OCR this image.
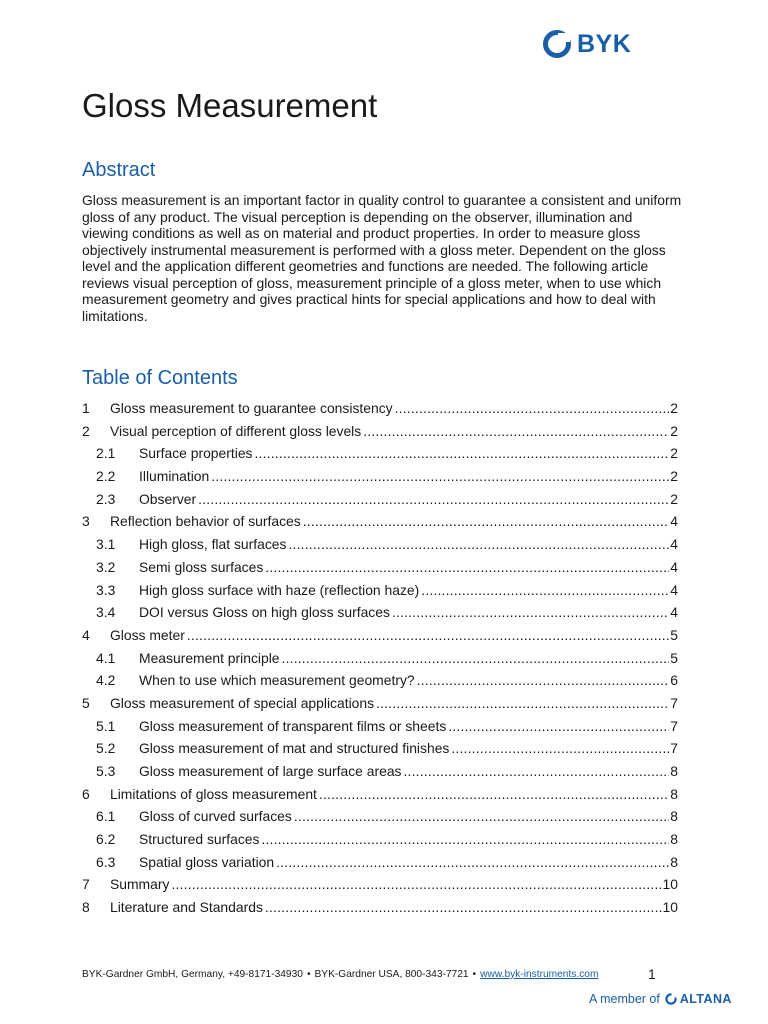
BYK
Gloss Measurement
Abstract
Gloss measurement is an important factor in quality control to guarantee a consistent and uniform gloss of any product. The visual perception is depending on the observer, illumination and viewing conditions as well as on material and product properties. In order to measure gloss objectively instrumental measurement is performed with a gloss meter. Dependent on the gloss level and the application different geometries and functions are needed. The following article reviews visual perception of gloss, measurement principle of a gloss meter, when to use which measurement geometry and gives practical hints for special applications and how to deal with limitations.
Table of Contents
1	Gloss measurement to guarantee consistency .....	2
2	Visual perception of different gloss levels .....	2
2.1	Surface properties .....	2
2.2	Illumination .....	2
2.3	Observer .....	2
3	Reflection behavior of surfaces .....	4
3.1	High gloss, flat surfaces .....	4
3.2	Semi gloss surfaces .....	4
3.3	High gloss surface with haze (reflection haze) .....	4
3.4	DOI versus Gloss on high gloss surfaces .....	4
4	Gloss meter .....	5
4.1	Measurement principle .....	5
4.2	When to use which measurement geometry? .....	6
5	Gloss measurement of special applications .....	7
5.1	Gloss measurement of transparent films or sheets .....	7
5.2	Gloss measurement of mat and structured finishes .....	7
5.3	Gloss measurement of large surface areas .....	8
6	Limitations of gloss measurement .....	8
6.1	Gloss of curved surfaces .....	8
6.2	Structured surfaces .....	8
6.3	Spatial gloss variation .....	8
7	Summary .....	10
8	Literature and Standards .....	10
BYK-Gardner GmbH, Germany, +49-8171-34930 • BYK-Gardner USA, 800-343-7721 • www.byk-instruments.com	1
A member of ALTANA
